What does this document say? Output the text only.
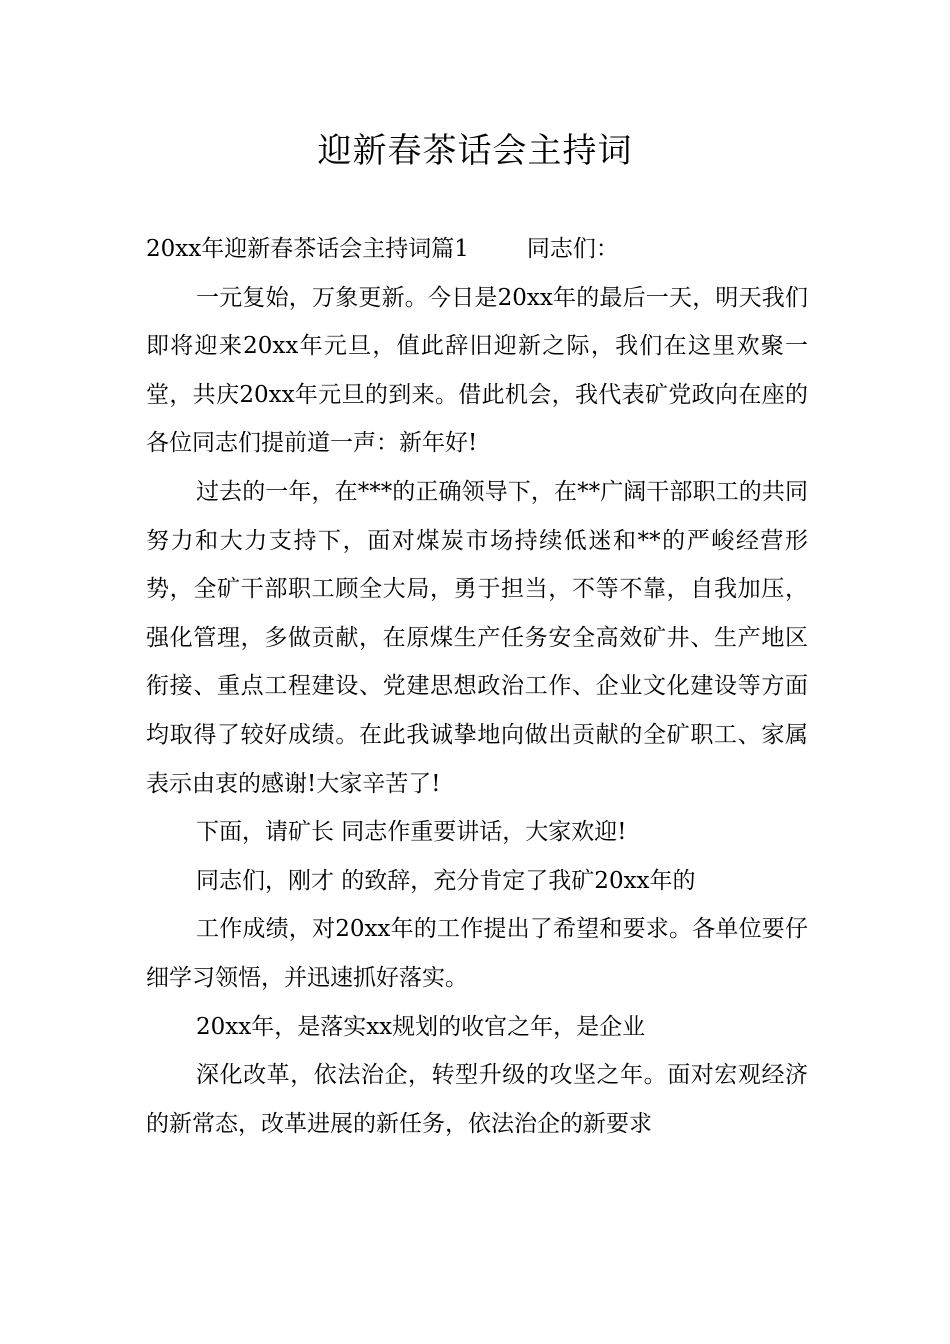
迎新春茶话会主持词

20xx年迎新春茶话会主持词篇1	同志们：

一元复始，万象更新。今日是20xx年的最后一天，明天我们即将迎来20xx年元旦，值此辞旧迎新之际，我们在这里欢聚一堂，共庆20xx年元旦的到来。借此机会，我代表矿党政向在座的各位同志们提前道一声：新年好!

过去的一年，在***的正确领导下，在**广阔干部职工的共同努力和大力支持下，面对煤炭市场持续低迷和**的严峻经营形势，全矿干部职工顾全大局，勇于担当，不等不靠，自我加压，强化管理，多做贡献，在原煤生产任务安全高效矿井、生产地区衔接、重点工程建设、党建思想政治工作、企业文化建设等方面均取得了较好成绩。在此我诚挚地向做出贡献的全矿职工、家属表示由衷的感谢!大家辛苦了!

下面，请矿长 同志作重要讲话，大家欢迎!

同志们，刚才 的致辞，充分肯定了我矿20xx年的

工作成绩，对20xx年的工作提出了希望和要求。各单位要仔细学习领悟，并迅速抓好落实。

20xx年，是落实xx规划的收官之年，是企业

深化改革，依法治企，转型升级的攻坚之年。面对宏观经济的新常态，改革进展的新任务，依法治企的新要求
